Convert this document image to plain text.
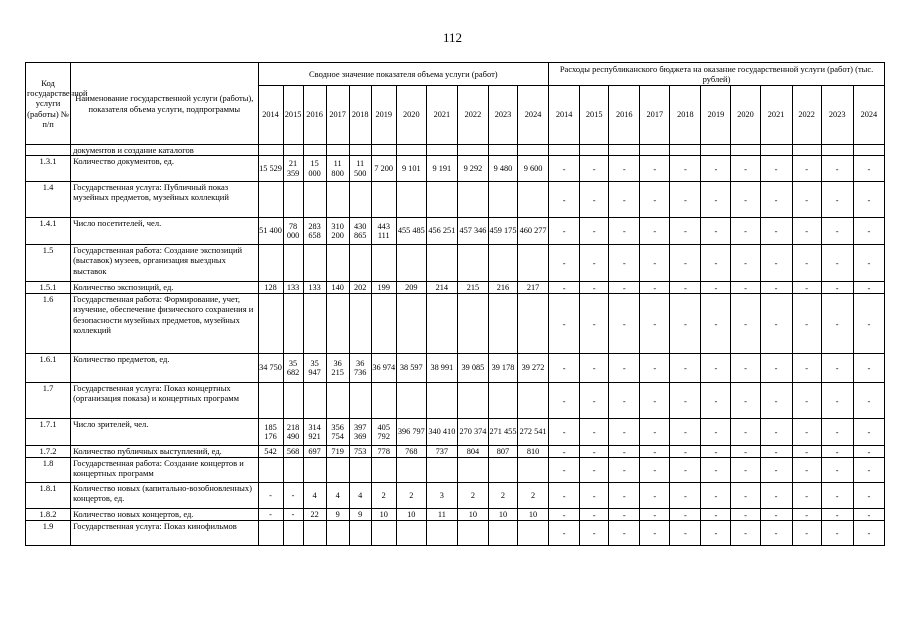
112
Код государственной услуги (работы) № п/п	Наименование государственной услуги (работы), показателя объема услуги, подпрограммы	Сводное значение показателя объема услуги (работ)											Расходы республиканского бюджета на оказание государственной услуги (работ) (тыс. рублей)										
		2014	2015	2016	2017	2018	2019	2020	2021	2022	2023	2024	2014	2015	2016	2017	2018	2019	2020	2021	2022	2023	2024
	документов и создание каталогов																						
1.3.1	Количество документов, ед.	15 529	21 359	15 000	11 800	11 500	7 200	9 101	9 191	9 292	9 480	9 600	-	-	-	-	-	-	-	-	-	-	-
1.4	Государственная услуга: Публичный показ музейных предметов, музейных коллекций												-	-	-	-	-	-	-	-	-	-	-
1.4.1	Число посетителей, чел.	51 400	78 000	283 658	310 200	430 865	443 111	455 485	456 251	457 346	459 175	460 277	-	-	-	-	-	-	-	-	-	-	-
1.5	Государственная работа: Создание экспозиций (выставок) музеев, организация выездных выставок												-	-	-	-	-	-	-	-	-	-	-
1.5.1	Количество экспозиций, ед.	128	133	133	140	202	199	209	214	215	216	217	-	-	-	-	-	-	-	-	-	-	-
1.6	Государственная работа: Формирование, учет, изучение, обеспечение физического сохранения и безопасности музейных предметов, музейных коллекций												-	-	-	-	-	-	-	-	-	-	-
1.6.1	Количество предметов, ед.	34 750	35 682	35 947	36 215	36 736	36 974	38 597	38 991	39 085	39 178	39 272	-	-	-	-	-	-	-	-	-	-	-
1.7	Государственная услуга: Показ концертных (организация показа) и концертных программ												-	-	-	-	-	-	-	-	-	-	-
1.7.1	Число зрителей, чел.	185 176	218 490	314 921	356 754	397 369	405 792	396 797	340 410	270 374	271 455	272 541	-	-	-	-	-	-	-	-	-	-	-
1.7.2	Количество публичных выступлений, ед.	542	568	697	719	753	778	768	737	804	807	810	-	-	-	-	-	-	-	-	-	-	-
1.8	Государственная работа: Создание концертов и концертных программ												-	-	-	-	-	-	-	-	-	-	-
1.8.1	Количество новых (капитально-возобновленных) концертов, ед.	-	-	4	4	4	2	2	3	2	2	2	-	-	-	-	-	-	-	-	-	-	-
1.8.2	Количество новых концертов, ед.	-	-	22	9	9	10	10	11	10	10	10	-	-	-	-	-	-	-	-	-	-	-
1.9	Государственная услуга: Показ кинофильмов												-	-	-	-	-	-	-	-	-	-	-
